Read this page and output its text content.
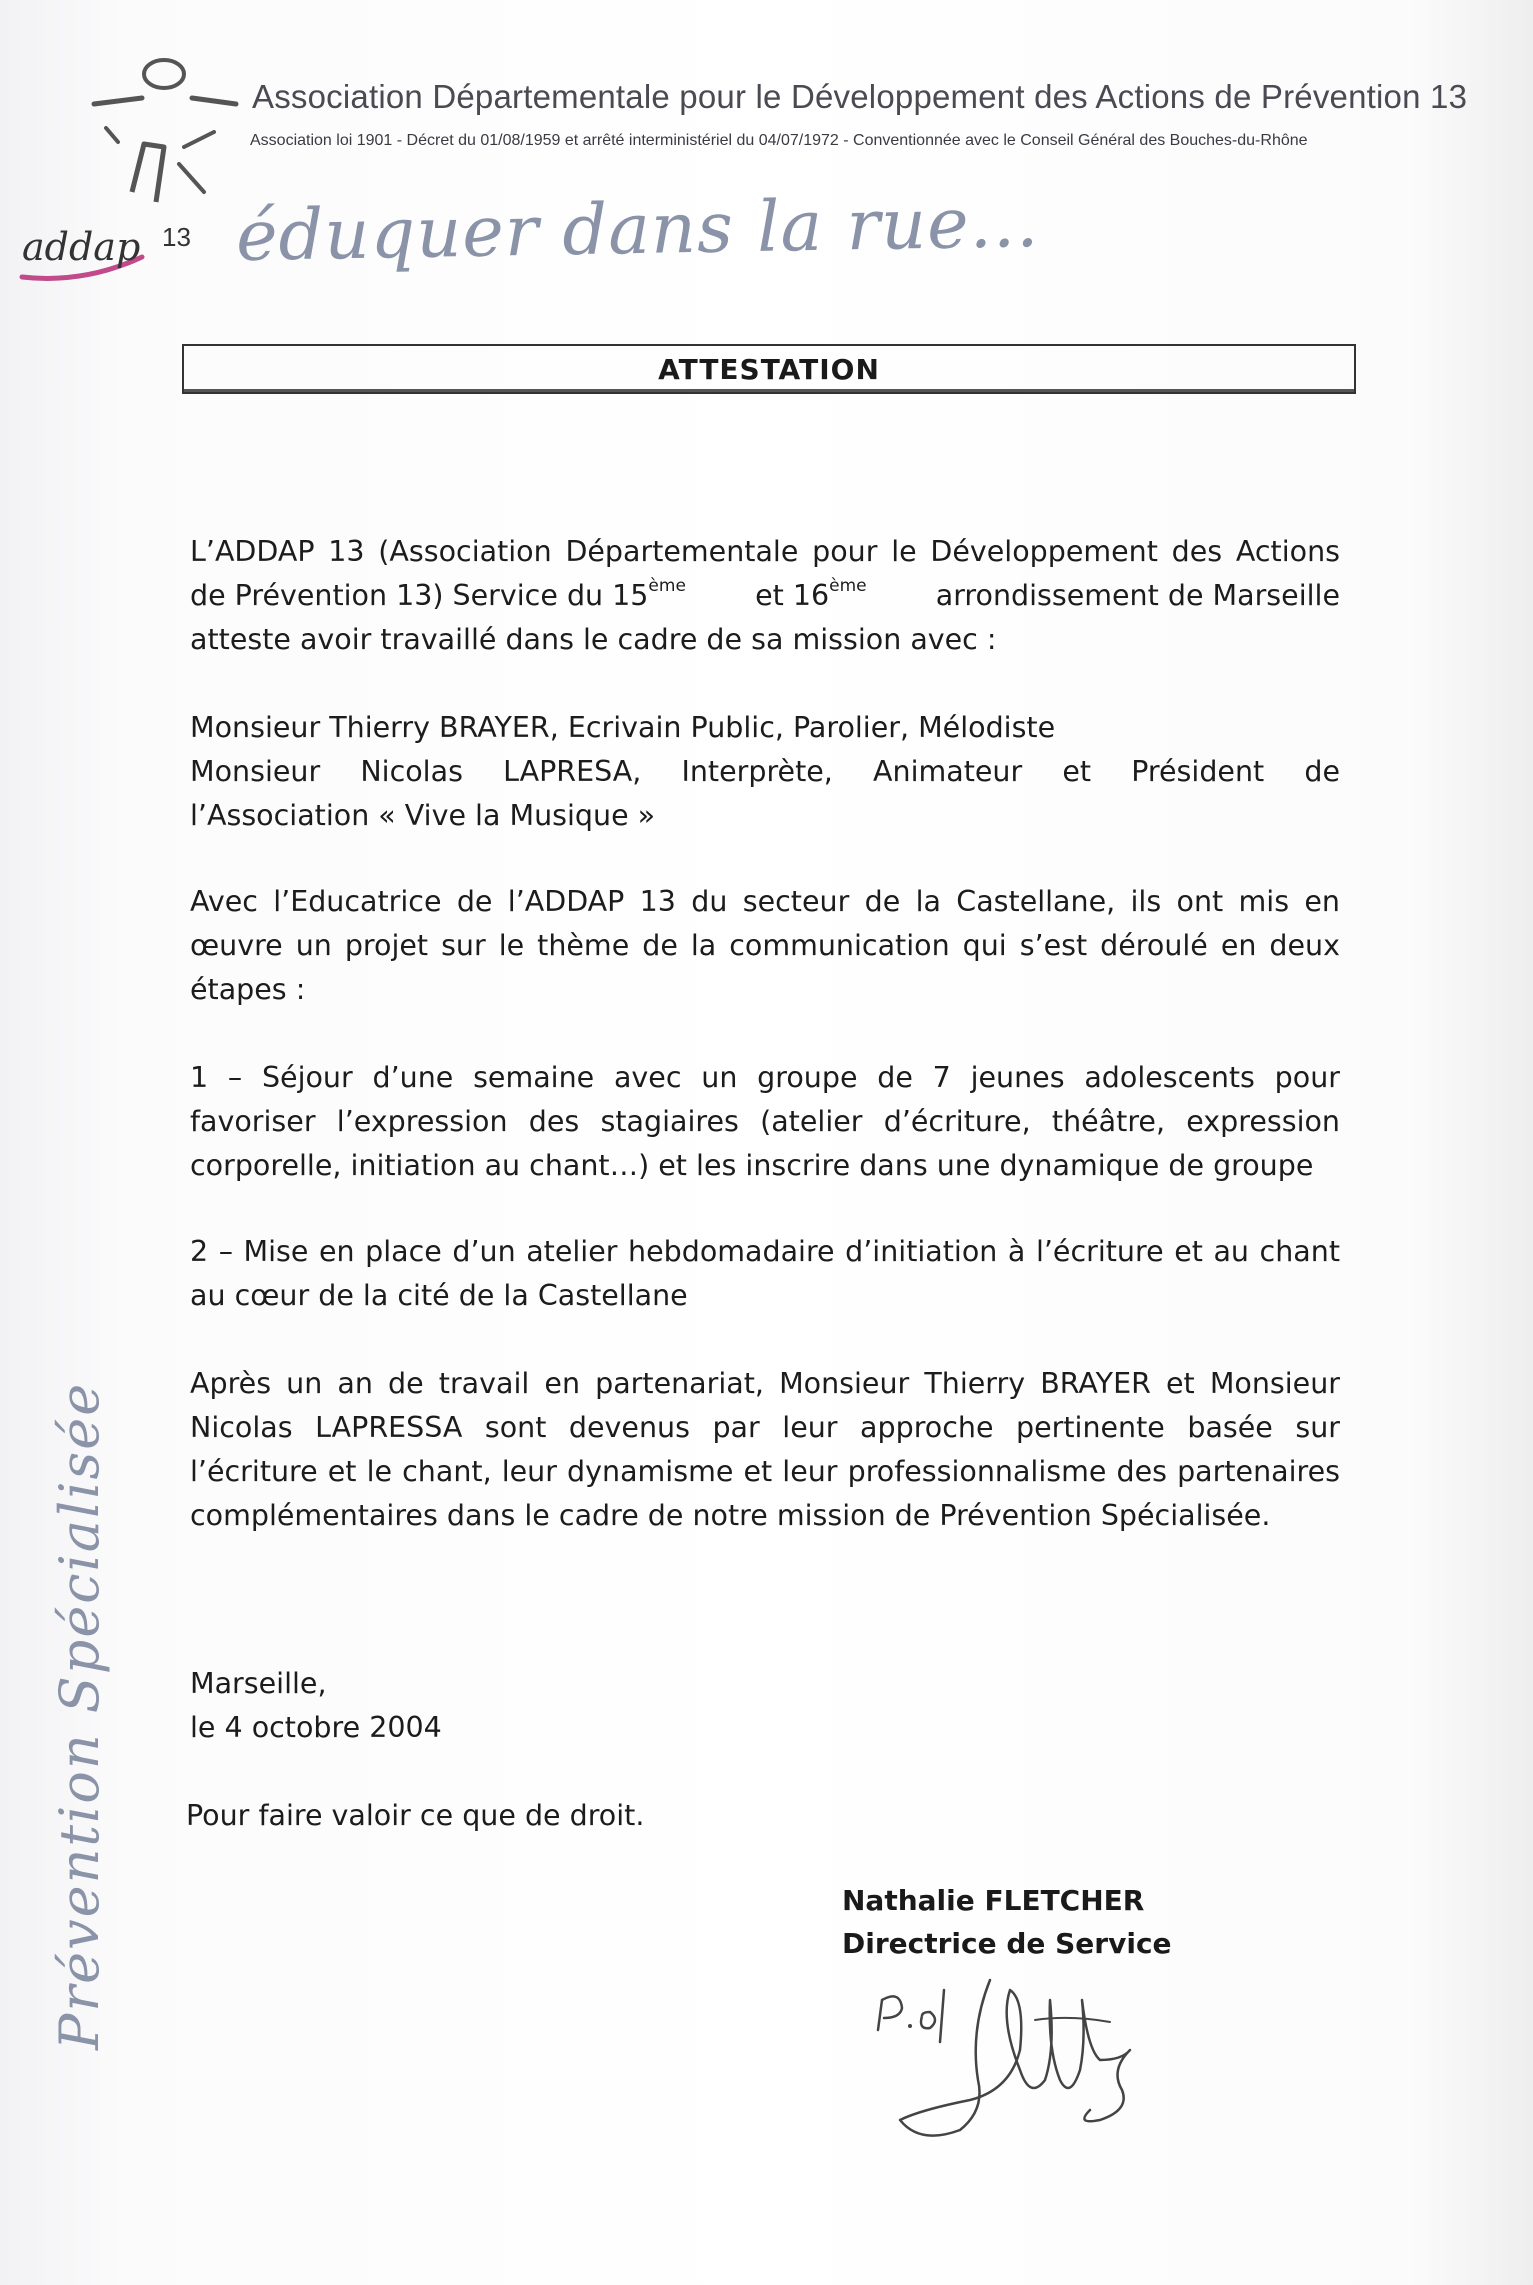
addap 13
Association Départementale pour le Développement des Actions de Prévention 13
Association loi 1901 - Décret du 01/08/1959 et arrêté interministériel du 04/07/1972 - Conventionnée avec le Conseil Général des Bouches-du-Rhône
éduquer dans la rue...
ATTESTATION
L’ADDAP 13 (Association Départementale pour le Développement des Actions
de Prévention 13) Service du 15ème et 16ème arrondissement de Marseille
atteste avoir travaillé dans le cadre de sa mission avec :
Monsieur Thierry BRAYER, Ecrivain Public, Parolier, Mélodiste
Monsieur Nicolas LAPRESA, Interprète, Animateur et Président de
l’Association « Vive la Musique »
Avec l’Educatrice de l’ADDAP 13 du secteur de la Castellane, ils ont mis en œuvre un projet sur le thème de la communication qui s’est déroulé en deux étapes :
1 – Séjour d’une semaine avec un groupe de 7 jeunes adolescents pour favoriser l’expression des stagiaires (atelier d’écriture, théâtre, expression corporelle, initiation au chant…) et les inscrire dans une dynamique de groupe
2 – Mise en place d’un atelier hebdomadaire d’initiation à l’écriture et au chant au cœur de la cité de la Castellane
Après un an de travail en partenariat, Monsieur Thierry BRAYER et Monsieur Nicolas LAPRESSA sont devenus par leur approche pertinente basée sur l’écriture et le chant, leur dynamisme et leur professionnalisme des partenaires complémentaires dans le cadre de notre mission de Prévention Spécialisée.
Marseille,
le 4 octobre 2004
Pour faire valoir ce que de droit.
Prévention Spécialisée	Nathalie FLETCHER
Directrice de Service
